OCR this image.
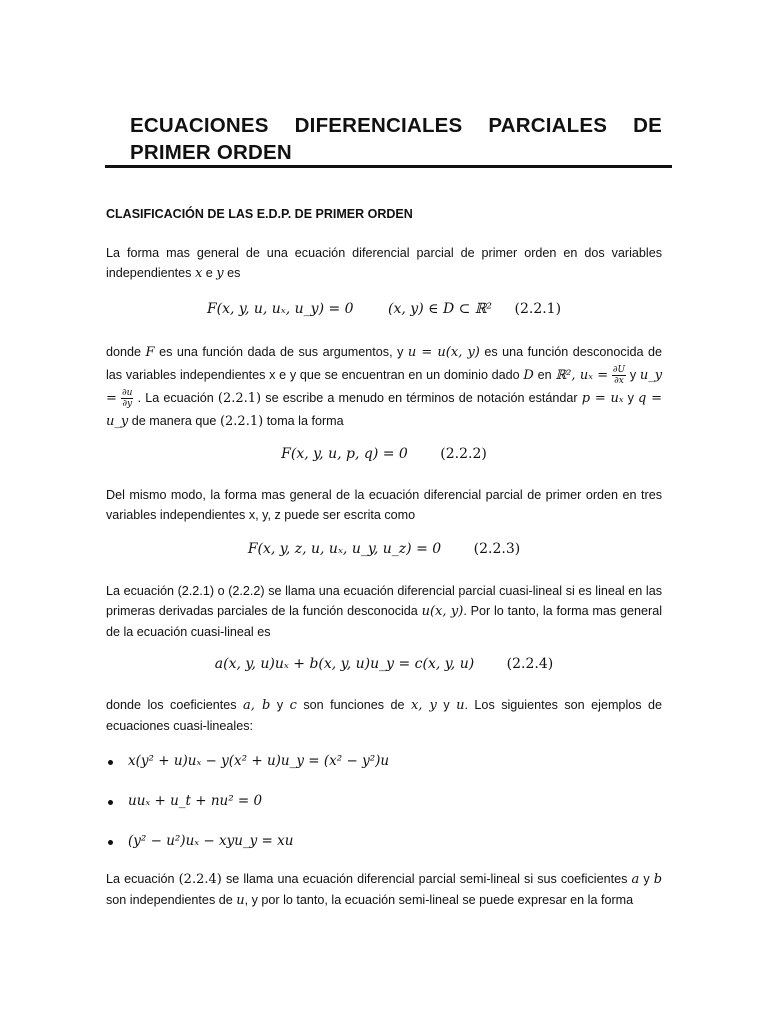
ECUACIONES DIFERENCIALES PARCIALES DE PRIMER ORDEN
CLASIFICACIÓN DE LAS E.D.P. DE PRIMER ORDEN
La forma mas general de una ecuación diferencial parcial de primer orden en dos variables independientes x e y es
F(x, y, u, uₓ, u_y) = 0 (x, y) ∈ D ⊂ ℝ² (2.2.1)
donde F es una función dada de sus argumentos, y u = u(x, y) es una función desconocida de las variables independientes x e y que se encuentran en un dominio dado D en ℝ², $u_x = \frac{\partial U}{\partial x}$ y u_y = $\frac{\partial u}{\partial y}$ . La ecuación (2.2.1) se escribe a menudo en términos de notación estándar p = uₓ y q = u_y de manera que (2.2.1) toma la forma
F(x, y, u, p, q) = 0 (2.2.2)
Del mismo modo, la forma mas general de la ecuación diferencial parcial de primer orden en tres variables independientes x, y, z puede ser escrita como
F(x, y, z, u, uₓ, u_y, u_z) = 0 (2.2.3)
La ecuación (2.2.1) o (2.2.2) se llama una ecuación diferencial parcial cuasi-lineal si es lineal en las primeras derivadas parciales de la función desconocida u(x, y). Por lo tanto, la forma mas general de la ecuación cuasi-lineal es
a(x, y, u)uₓ + b(x, y, u)u_y = c(x, y, u) (2.2.4)
donde los coeficientes a, b y c son funciones de x, y y u. Los siguientes son ejemplos de ecuaciones cuasi-lineales:
x(y² + u)uₓ − y(x² + u)u_y = (x² − y²)u
uuₓ + u_t + nu² = 0
(y² − u²)uₓ − xyu_y = xu
La ecuación (2.2.4) se llama una ecuación diferencial parcial semi-lineal si sus coeficientes a y b son independientes de u, y por lo tanto, la ecuación semi-lineal se puede expresar en la forma
